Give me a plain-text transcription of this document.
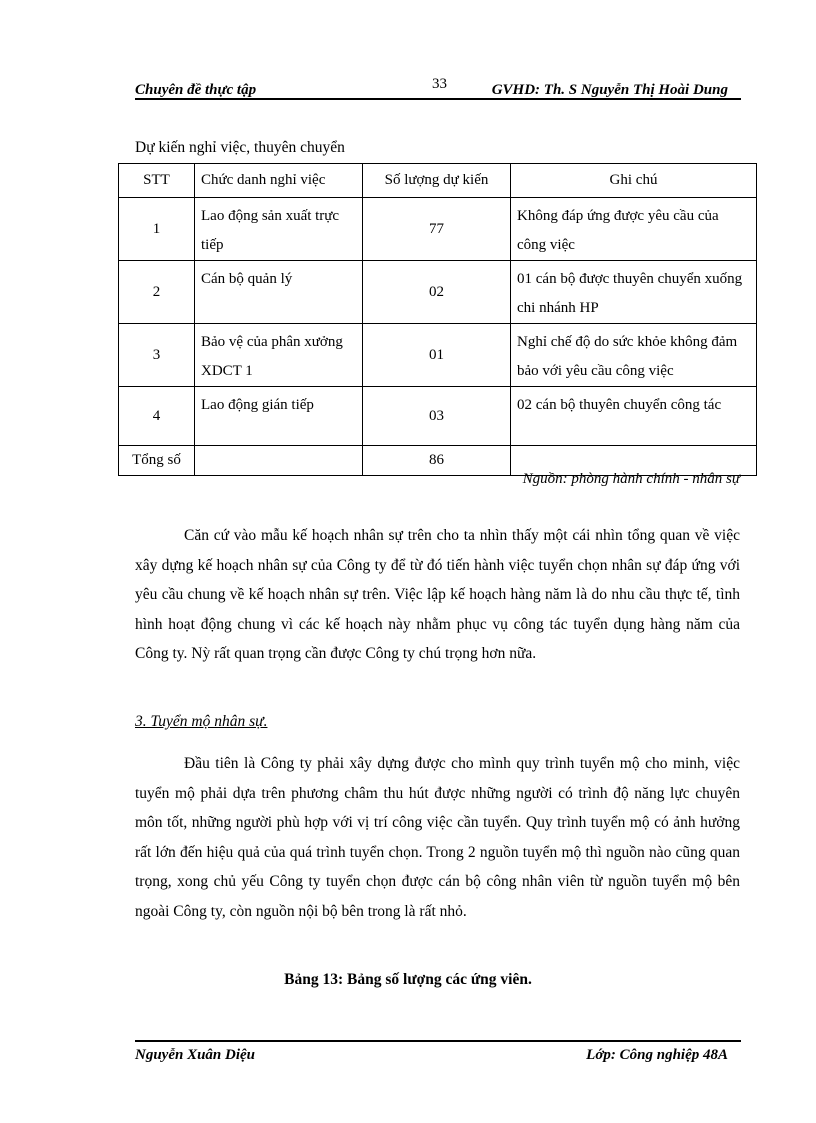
Chuyên đề thực tập	33	GVHD: Th. S Nguyễn Thị Hoài Dung
Dự kiến nghỉ việc, thuyên chuyển
STT	Chức danh nghỉ việc	Số lượng dự kiến	Ghi chú
1	Lao động sản xuất trực tiếp	77	Không đáp ứng được yêu cầu của công việc
2	Cán bộ quản lý	02	01 cán bộ được thuyên chuyển xuống chi nhánh HP
3	Bảo vệ của phân xưởng XDCT 1	01	Nghỉ chế độ do sức khỏe không đảm bảo với yêu cầu công việc
4	Lao động gián tiếp	03	02 cán bộ thuyên chuyển công tác
Tổng số		86	
Nguồn: phòng hành chính - nhân sự

Căn cứ vào mẫu kế hoạch nhân sự trên cho ta nhìn thấy một cái nhìn tổng quan về việc xây dựng kế hoạch nhân sự của Công ty để từ đó tiến hành việc tuyển chọn nhân sự đáp ứng với yêu cầu chung về kế hoạch nhân sự trên. Việc lập kế hoạch hàng năm là do nhu cầu thực tế, tình hình hoạt động chung vì các kế hoạch này nhằm phục vụ công tác tuyển dụng hàng năm của Công ty. Nỳ rất quan trọng cần được Công ty chú trọng hơn nữa.

3. Tuyển mộ nhân sự.

Đầu tiên là Công ty phải xây dựng được cho mình quy trình tuyển mộ cho minh, việc tuyển mộ phải dựa trên phương châm thu hút được những người có trình độ năng lực chuyên môn tốt, những người phù hợp với vị trí công việc cần tuyển. Quy trình tuyển mộ có ảnh hưởng rất lớn đến hiệu quả của quá trình tuyển chọn. Trong 2 nguồn tuyển mộ thì nguồn nào cũng quan trọng, xong chủ yếu Công ty tuyển chọn được cán bộ công nhân viên từ nguồn tuyển mộ bên ngoài Công ty, còn nguồn nội bộ bên trong là rất nhỏ.

Bảng 13: Bảng số lượng các ứng viên.
Nguyễn Xuân Diệu	Lớp: Công nghiệp 48A
